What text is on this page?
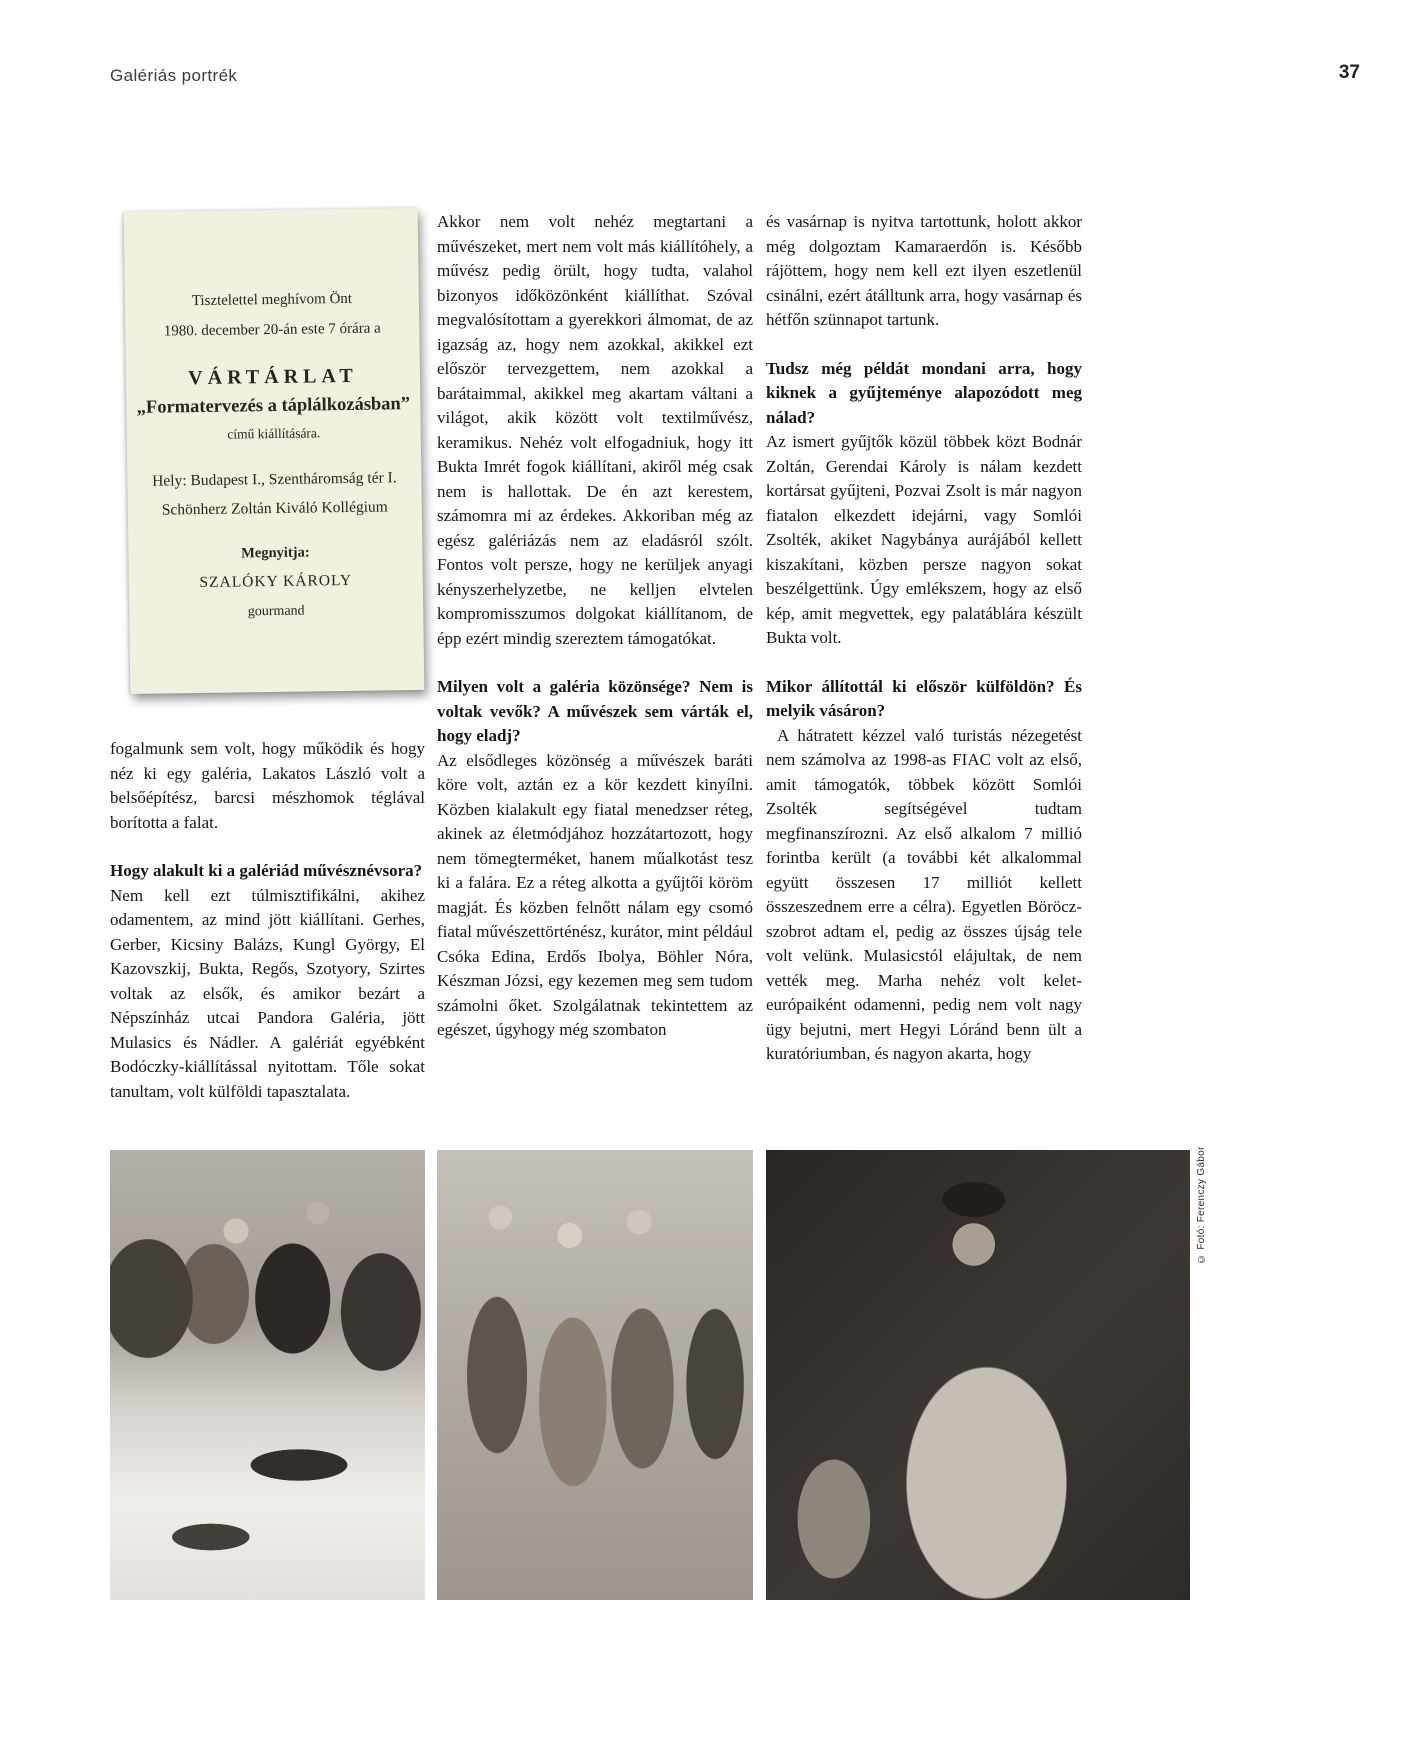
Galériás portrék	37
Tisztelettel meghívom Önt
1980. december 20-án este 7 órára a
VÁRTÁRLAT
„Formatervezés a táplálkozásban”
című kiállítására.
Hely: Budapest I., Szentháromság tér I.
Schönherz Zoltán Kiváló Kollégium
Megnyitja:
SZALÓKY KÁROLY
gourmand

fogalmunk sem volt, hogy működik és hogy néz ki egy galéria, Lakatos László volt a belsőépítész, barcsi mészhomok téglával borította a falat.

Hogy alakult ki a galériád művésznévsora?

Nem kell ezt túlmisztifikálni, akihez odamentem, az mind jött kiállítani. Gerhes, Gerber, Kicsiny Balázs, Kungl György, El Kazovszkij, Bukta, Regős, Szotyory, Szirtes voltak az elsők, és amikor bezárt a Népszínház utcai Pandora Galéria, jött Mulasics és Nádler. A galériát egyébként Bodóczky-kiállítással nyitottam. Tőle sokat tanultam, volt külföldi tapasztalata.

Akkor nem volt nehéz megtartani a művészeket, mert nem volt más kiállítóhely, a művész pedig örült, hogy tudta, valahol bizonyos időközönként kiállíthat. Szóval megvalósítottam a gyerekkori álmomat, de az igazság az, hogy nem azokkal, akikkel ezt először tervezgettem, nem azokkal a barátaimmal, akikkel meg akartam váltani a világot, akik között volt textilművész, keramikus. Nehéz volt elfogadniuk, hogy itt Bukta Imrét fogok kiállítani, akiről még csak nem is hallottak. De én azt kerestem, számomra mi az érdekes. Akkoriban még az egész galériázás nem az eladásról szólt. Fontos volt persze, hogy ne kerüljek anyagi kényszerhelyzetbe, ne kelljen elvtelen kompromisszumos dolgokat kiállítanom, de épp ezért mindig szereztem támogatókat.

Milyen volt a galéria közönsége? Nem is voltak vevők? A művészek sem várták el, hogy eladj?

Az elsődleges közönség a művészek baráti köre volt, aztán ez a kör kezdett kinyílni. Közben kialakult egy fiatal menedzser réteg, akinek az életmódjához hozzátartozott, hogy nem tömegterméket, hanem műalkotást tesz ki a falára. Ez a réteg alkotta a gyűjtői köröm magját. És közben felnőtt nálam egy csomó fiatal művészettörténész, kurátor, mint például Csóka Edina, Erdős Ibolya, Böhler Nóra, Készman Józsi, egy kezemen meg sem tudom számolni őket. Szolgálatnak tekintettem az egészet, úgyhogy még szombaton

és vasárnap is nyitva tartottunk, holott akkor még dolgoztam Kamaraerdőn is. Később rájöttem, hogy nem kell ezt ilyen eszetlenül csinálni, ezért átálltunk arra, hogy vasárnap és hétfőn szünnapot tartunk.

Tudsz még példát mondani arra, hogy kiknek a gyűjteménye alapozódott meg nálad?

Az ismert gyűjtők közül többek közt Bodnár Zoltán, Gerendai Károly is nálam kezdett kortársat gyűjteni, Pozvai Zsolt is már nagyon fiatalon elkezdett idejárni, vagy Somlói Zsolték, akiket Nagybánya aurájából kellett kiszakítani, közben persze nagyon sokat beszélgettünk. Úgy emlékszem, hogy az első kép, amit megvettek, egy palatáblára készült Bukta volt.

Mikor állítottál ki először külföldön? És melyik vásáron?

A hátratett kézzel való turistás nézegetést nem számolva az 1998-as FIAC volt az első, amit támogatók, többek között Somlói Zsolték segítségével tudtam megfinanszírozni. Az első alkalom 7 millió forintba került (a további két alkalommal együtt összesen 17 milliót kellett összeszednem erre a célra). Egyetlen Böröcz-szobrot adtam el, pedig az összes újság tele volt velünk. Mulasicstól elájultak, de nem vették meg. Marha nehéz volt kelet-európaiként odamenni, pedig nem volt nagy ügy bejutni, mert Hegyi Lóránd benn ült a kuratóriumban, és nagyon akarta, hogy

© Fotó: Ferenczy Gábor
